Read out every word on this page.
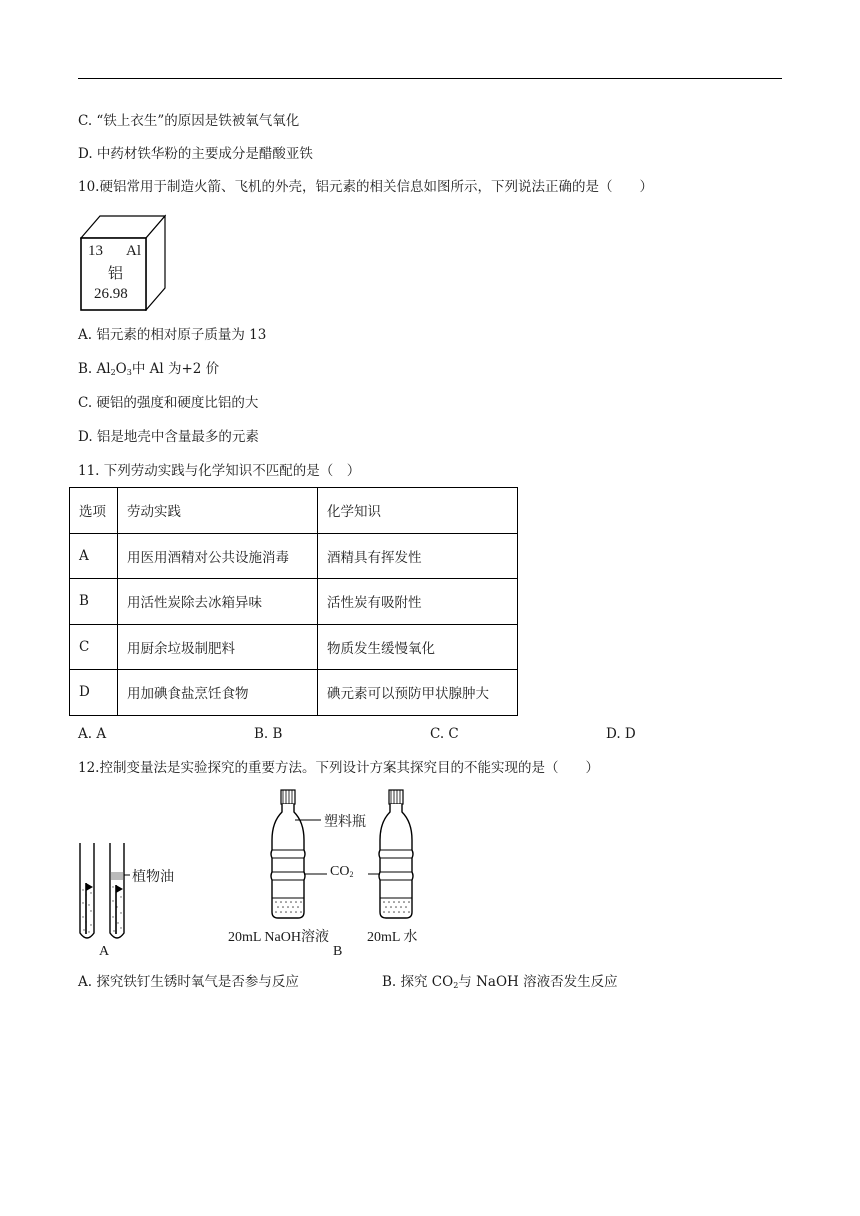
C. “铁上衣生”的原因是铁被氧气氧化
D. 中药材铁华粉的主要成分是醋酸亚铁
10.硬铝常用于制造火箭、飞机的外壳，铝元素的相关信息如图所示，下列说法正确的是（　　）
13 Al
铝
26.98
A. 铝元素的相对原子质量为 13
B. $Al_2O_3$中 Al 为+2 价
C. 硬铝的强度和硬度比铝的大
D. 铝是地壳中含量最多的元素
11. 下列劳动实践与化学知识不匹配的是（　）
选项	劳动实践	化学知识
A	用医用酒精对公共设施消毒	酒精具有挥发性
B	用活性炭除去冰箱异味	活性炭有吸附性
C	用厨余垃圾制肥料	物质发生缓慢氧化
D	用加碘食盐烹饪食物	碘元素可以预防甲状腺肿大
A. A	B. B	C. C	D. D
12.控制变量法是实验探究的重要方法。下列设计方案其探究目的不能实现的是（　　）
植物油
A
塑料瓶
$CO_2$
20mL NaOH溶液	20mL 水
B
A. 探究铁钉生锈时氧气是否参与反应	B. 探究 $CO_2$与 NaOH 溶液否发生反应
